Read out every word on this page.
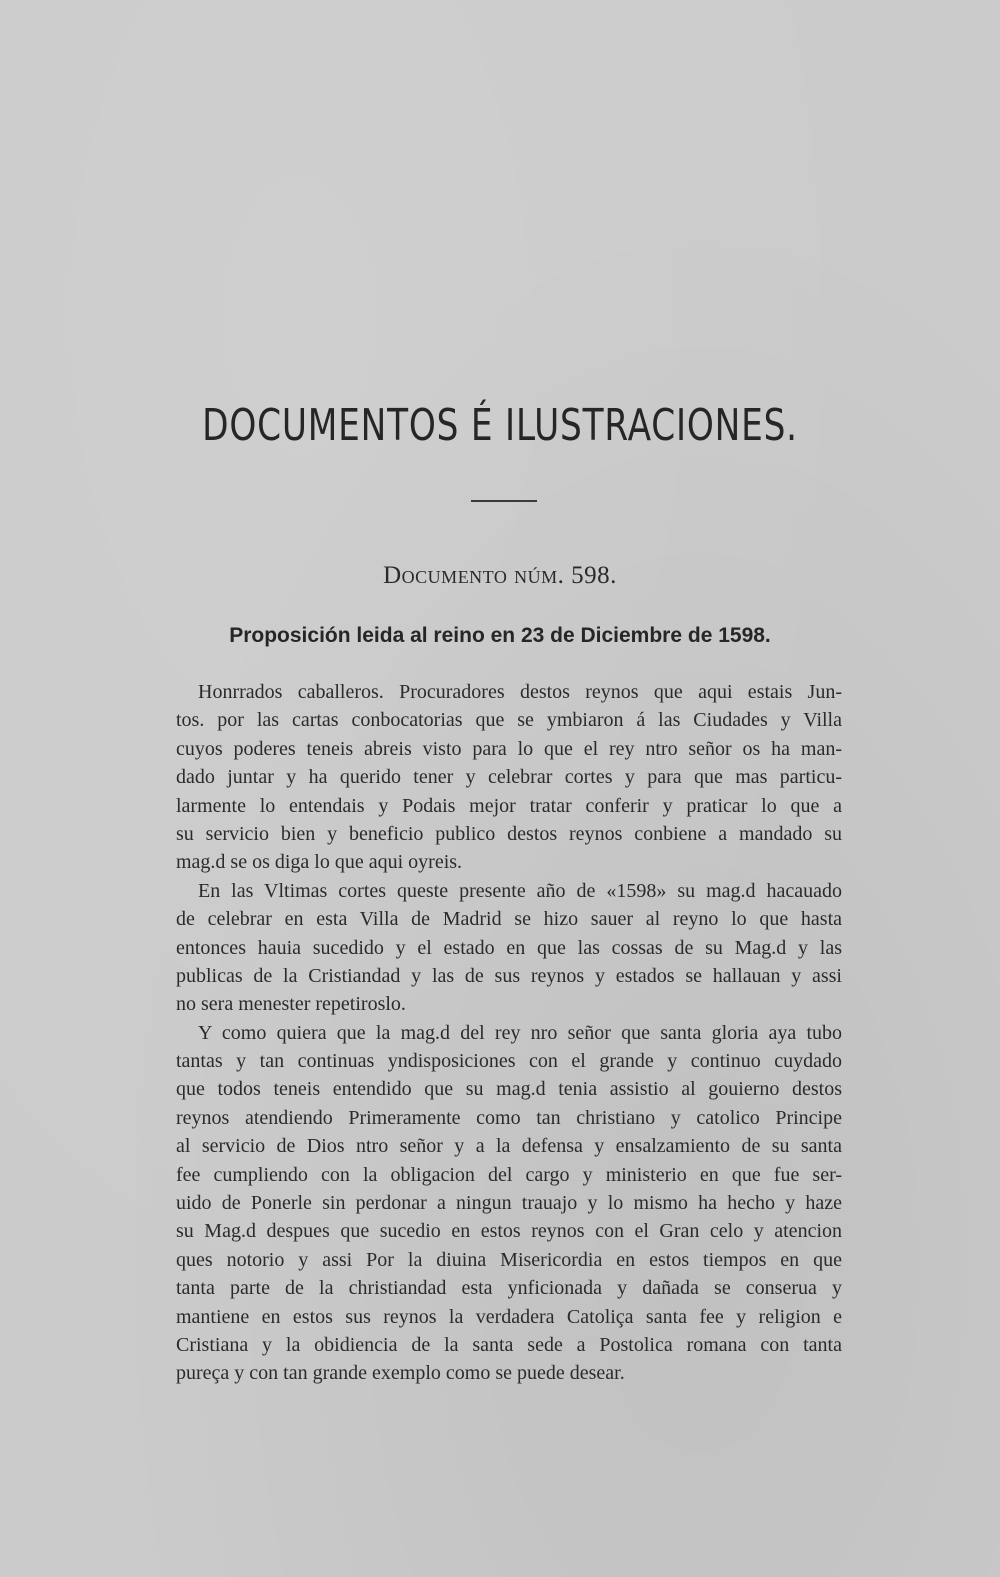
DOCUMENTOS É ILUSTRACIONES.
Documento núm. 598.
Proposición leida al reino en 23 de Diciembre de 1598.
Honrrados caballeros. Procuradores destos reynos que aqui estais Jun-
tos. por las cartas conbocatorias que se ymbiaron á las Ciudades y Villa
cuyos poderes teneis abreis visto para lo que el rey ntro señor os ha man-
dado juntar y ha querido tener y celebrar cortes y para que mas particu-
larmente lo entendais y Podais mejor tratar conferir y praticar lo que a
su servicio bien y beneficio publico destos reynos conbiene a mandado su
mag.d se os diga lo que aqui oyreis.
En las Vltimas cortes queste presente año de «1598» su mag.d hacauado
de celebrar en esta Villa de Madrid se hizo sauer al reyno lo que hasta
entonces hauia sucedido y el estado en que las cossas de su Mag.d y las
publicas de la Cristiandad y las de sus reynos y estados se hallauan y assi
no sera menester repetiroslo.
Y como quiera que la mag.d del rey nro señor que santa gloria aya tubo
tantas y tan continuas yndisposiciones con el grande y continuo cuydado
que todos teneis entendido que su mag.d tenia assistio al gouierno destos
reynos atendiendo Primeramente como tan christiano y catolico Principe
al servicio de Dios ntro señor y a la defensa y ensalzamiento de su santa
fee cumpliendo con la obligacion del cargo y ministerio en que fue ser-
uido de Ponerle sin perdonar a ningun trauajo y lo mismo ha hecho y haze
su Mag.d despues que sucedio en estos reynos con el Gran celo y atencion
ques notorio y assi Por la diuina Misericordia en estos tiempos en que
tanta parte de la christiandad esta ynficionada y dañada se conserua y
mantiene en estos sus reynos la verdadera Catoliça santa fee y religion e
Cristiana y la obidiencia de la santa sede a Postolica romana con tanta
pureça y con tan grande exemplo como se puede desear.
